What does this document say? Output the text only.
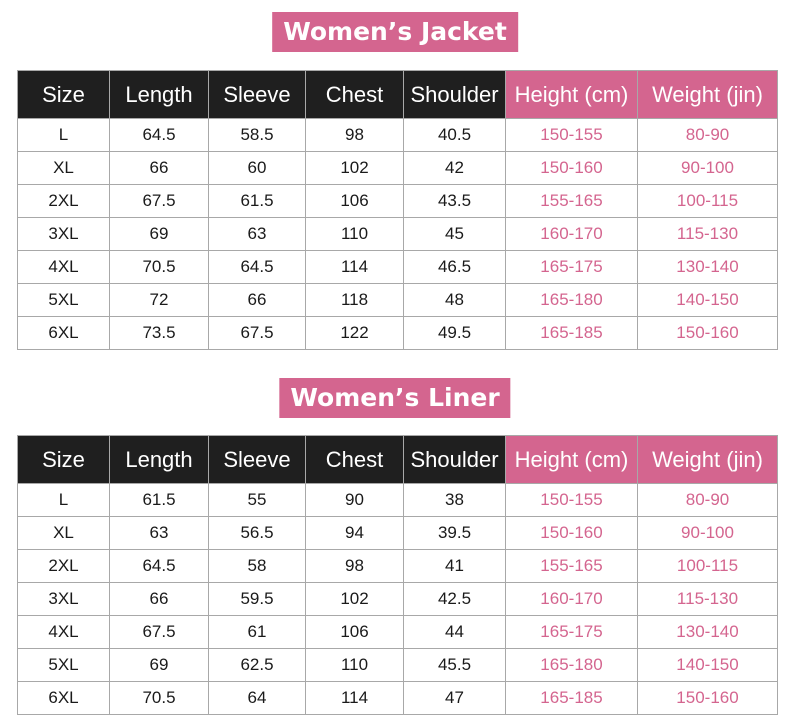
Women’s Jacket
Size	Length	Sleeve	Chest	Shoulder	Height (cm)	Weight (jin)
L	64.5	58.5	98	40.5	150-155	80-90
XL	66	60	102	42	150-160	90-100
2XL	67.5	61.5	106	43.5	155-165	100-115
3XL	69	63	110	45	160-170	115-130
4XL	70.5	64.5	114	46.5	165-175	130-140
5XL	72	66	118	48	165-180	140-150
6XL	73.5	67.5	122	49.5	165-185	150-160
Women’s Liner
Size	Length	Sleeve	Chest	Shoulder	Height (cm)	Weight (jin)
L	61.5	55	90	38	150-155	80-90
XL	63	56.5	94	39.5	150-160	90-100
2XL	64.5	58	98	41	155-165	100-115
3XL	66	59.5	102	42.5	160-170	115-130
4XL	67.5	61	106	44	165-175	130-140
5XL	69	62.5	110	45.5	165-180	140-150
6XL	70.5	64	114	47	165-185	150-160
